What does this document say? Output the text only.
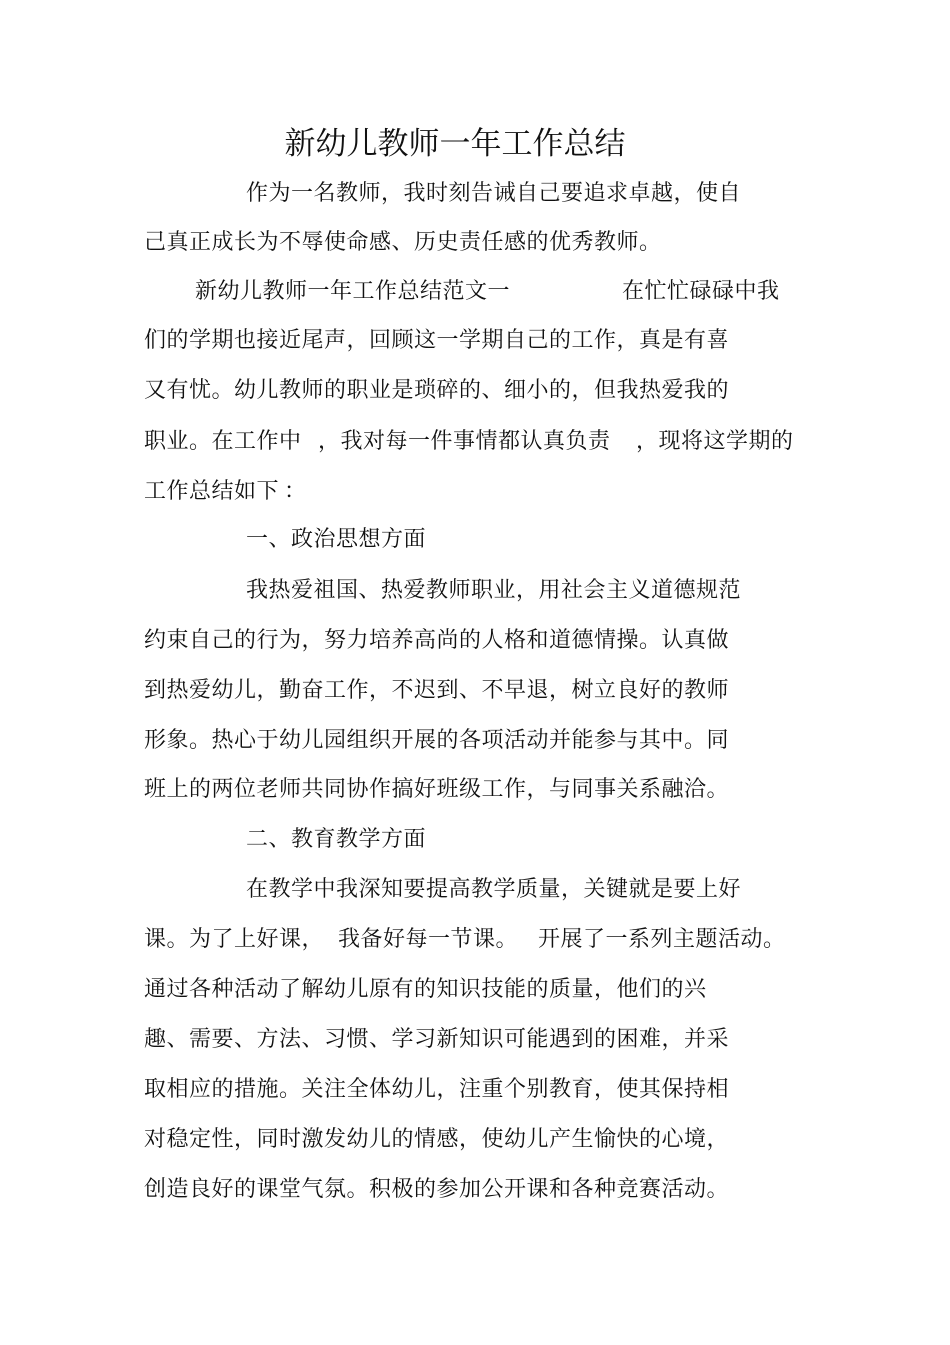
新幼儿教师一年工作总结
作为一名教师，我时刻告诫自己要追求卓越，使自
己真正成长为不辱使命感、历史责任感的优秀教师。
新幼儿教师一年工作总结范文一	在忙忙碌碌中我
们的学期也接近尾声，回顾这一学期自己的工作，真是有喜
又有忧。幼儿教师的职业是琐碎的、细小的，但我热爱我的
职业。在工作中 ，我对每一件事情都认真负责 ，现将这学期的
工作总结如下 ：
一、政治思想方面
我热爱祖国、热爱教师职业，用社会主义道德规范
约束自己的行为，努力培养高尚的人格和道德情操。认真做
到热爱幼儿，勤奋工作，不迟到、不早退，树立良好的教师
形象。热心于幼儿园组织开展的各项活动并能参与其中。同
班上的两位老师共同协作搞好班级工作，与同事关系融洽。
二、教育教学方面
在教学中我深知要提高教学质量，关键就是要上好
课。为了上好课， 我备好每一节课。 开展了一系列主题活动。
通过各种活动了解幼儿原有的知识技能的质量，他们的兴
趣、需要、方法、习惯、学习新知识可能遇到的困难，并采
取相应的措施。关注全体幼儿，注重个别教育，使其保持相
对稳定性，同时激发幼儿的情感，使幼儿产生愉快的心境，
创造良好的课堂气氛。积极的参加公开课和各种竞赛活动。
